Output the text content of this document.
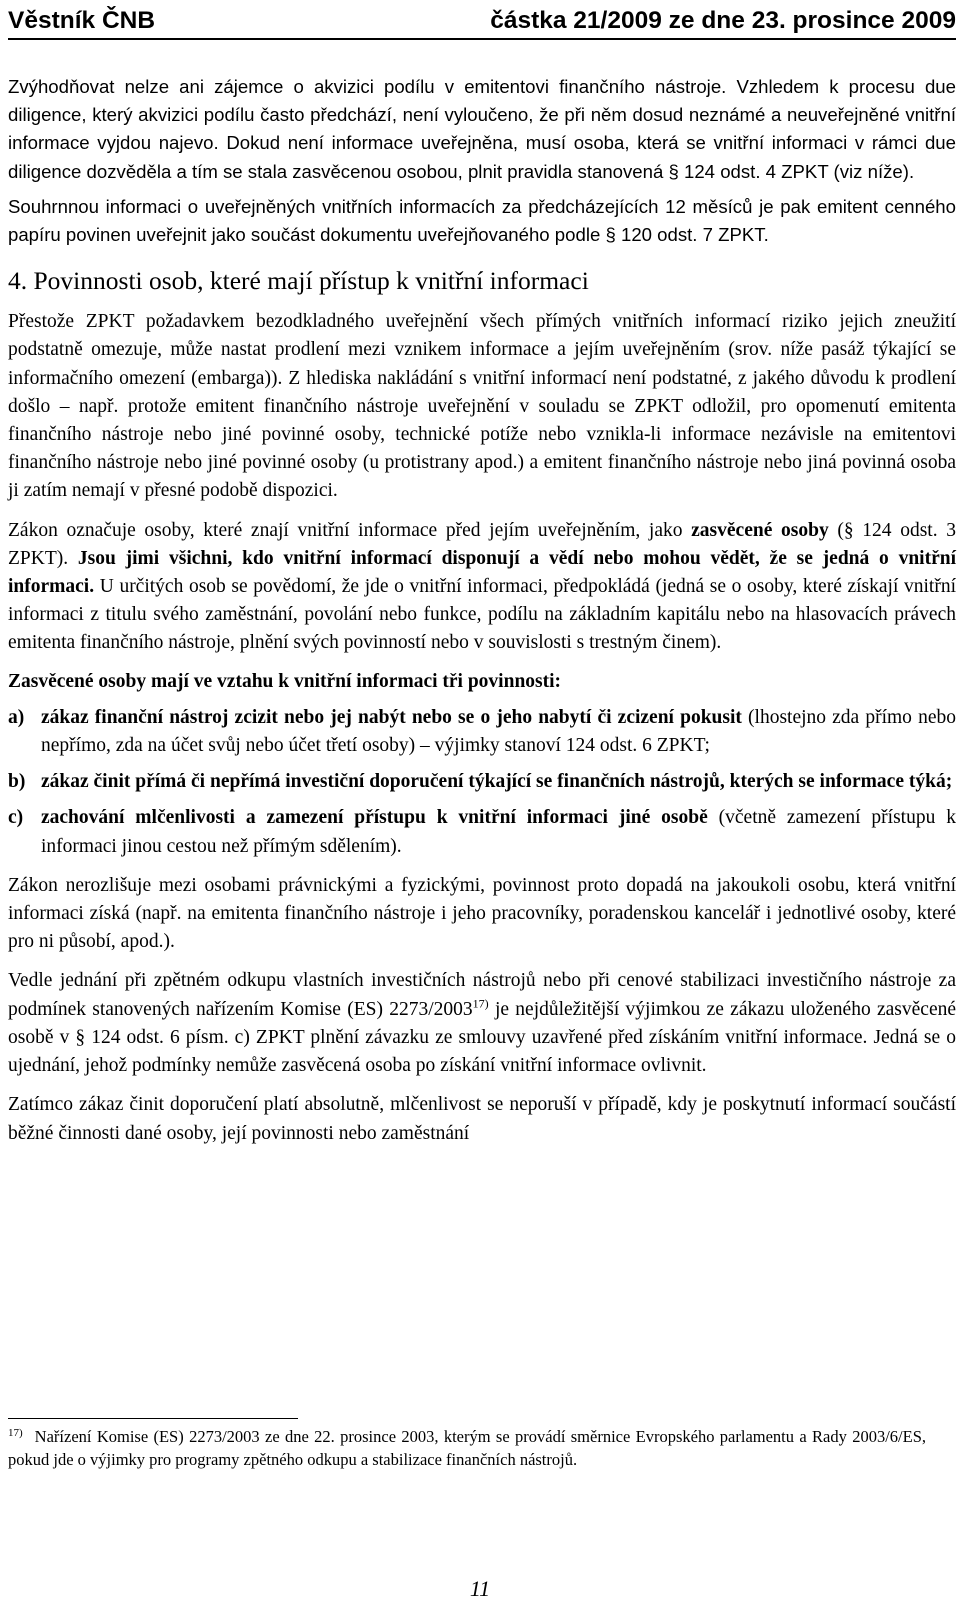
Věstník ČNB	částka 21/2009 ze dne 23. prosince 2009

Zvýhodňovat nelze ani zájemce o akvizici podílu v emitentovi finančního nástroje. Vzhledem k procesu due diligence, který akvizici podílu často předchází, není vyloučeno, že při něm dosud neznámé a neuveřejněné vnitřní informace vyjdou najevo. Dokud není informace uveřejněna, musí osoba, která se vnitřní informaci v rámci due diligence dozvěděla a tím se stala zasvěcenou osobou, plnit pravidla stanovená § 124 odst. 4 ZPKT (viz níže).

Souhrnnou informaci o uveřejněných vnitřních informacích za předcházejících 12 měsíců je pak emitent cenného papíru povinen uveřejnit jako součást dokumentu uveřejňovaného podle § 120 odst. 7 ZPKT.

4. Povinnosti osob, které mají přístup k vnitřní informaci

Přestože ZPKT požadavkem bezodkladného uveřejnění všech přímých vnitřních informací riziko jejich zneužití podstatně omezuje, může nastat prodlení mezi vznikem informace a jejím uveřejněním (srov. níže pasáž týkající se informačního omezení (embarga)). Z hlediska nakládání s vnitřní informací není podstatné, z jakého důvodu k prodlení došlo – např. protože emitent finančního nástroje uveřejnění v souladu se ZPKT odložil, pro opomenutí emitenta finančního nástroje nebo jiné povinné osoby, technické potíže nebo vznikla-li informace nezávisle na emitentovi finančního nástroje nebo jiné povinné osoby (u protistrany apod.) a emitent finančního nástroje nebo jiná povinná osoba ji zatím nemají v přesné podobě dispozici.

Zákon označuje osoby, které znají vnitřní informace před jejím uveřejněním, jako zasvěcené osoby (§ 124 odst. 3 ZPKT). Jsou jimi všichni, kdo vnitřní informací disponují a vědí nebo mohou vědět, že se jedná o vnitřní informaci. U určitých osob se povědomí, že jde o vnitřní informaci, předpokládá (jedná se o osoby, které získají vnitřní informaci z titulu svého zaměstnání, povolání nebo funkce, podílu na základním kapitálu nebo na hlasovacích právech emitenta finančního nástroje, plnění svých povinností nebo v souvislosti s trestným činem).

Zasvěcené osoby mají ve vztahu k vnitřní informaci tři povinnosti:

a) zákaz finanční nástroj zcizit nebo jej nabýt nebo se o jeho nabytí či zcizení pokusit (lhostejno zda přímo nebo nepřímo, zda na účet svůj nebo účet třetí osoby) – výjimky stanoví 124 odst. 6 ZPKT;
b) zákaz činit přímá či nepřímá investiční doporučení týkající se finančních nástrojů, kterých se informace týká;
c) zachování mlčenlivosti a zamezení přístupu k vnitřní informaci jiné osobě (včetně zamezení přístupu k informaci jinou cestou než přímým sdělením).

Zákon nerozlišuje mezi osobami právnickými a fyzickými, povinnost proto dopadá na jakoukoli osobu, která vnitřní informaci získá (např. na emitenta finančního nástroje i jeho pracovníky, poradenskou kancelář i jednotlivé osoby, které pro ni působí, apod.).

Vedle jednání při zpětném odkupu vlastních investičních nástrojů nebo při cenové stabilizaci investičního nástroje za podmínek stanovených nařízením Komise (ES) 2273/2003$^{17)}$ je nejdůležitější výjimkou ze zákazu uloženého zasvěcené osobě v § 124 odst. 6 písm. c) ZPKT plnění závazku ze smlouvy uzavřené před získáním vnitřní informace. Jedná se o ujednání, jehož podmínky nemůže zasvěcená osoba po získání vnitřní informace ovlivnit.

Zatímco zákaz činit doporučení platí absolutně, mlčenlivost se neporuší v případě, kdy je poskytnutí informací součástí běžné činnosti dané osoby, její povinnosti nebo zaměstnání

$^{17)}$ Nařízení Komise (ES) 2273/2003 ze dne 22. prosince 2003, kterým se provádí směrnice Evropského parlamentu a Rady 2003/6/ES, pokud jde o výjimky pro programy zpětného odkupu a stabilizace finančních nástrojů.
11
